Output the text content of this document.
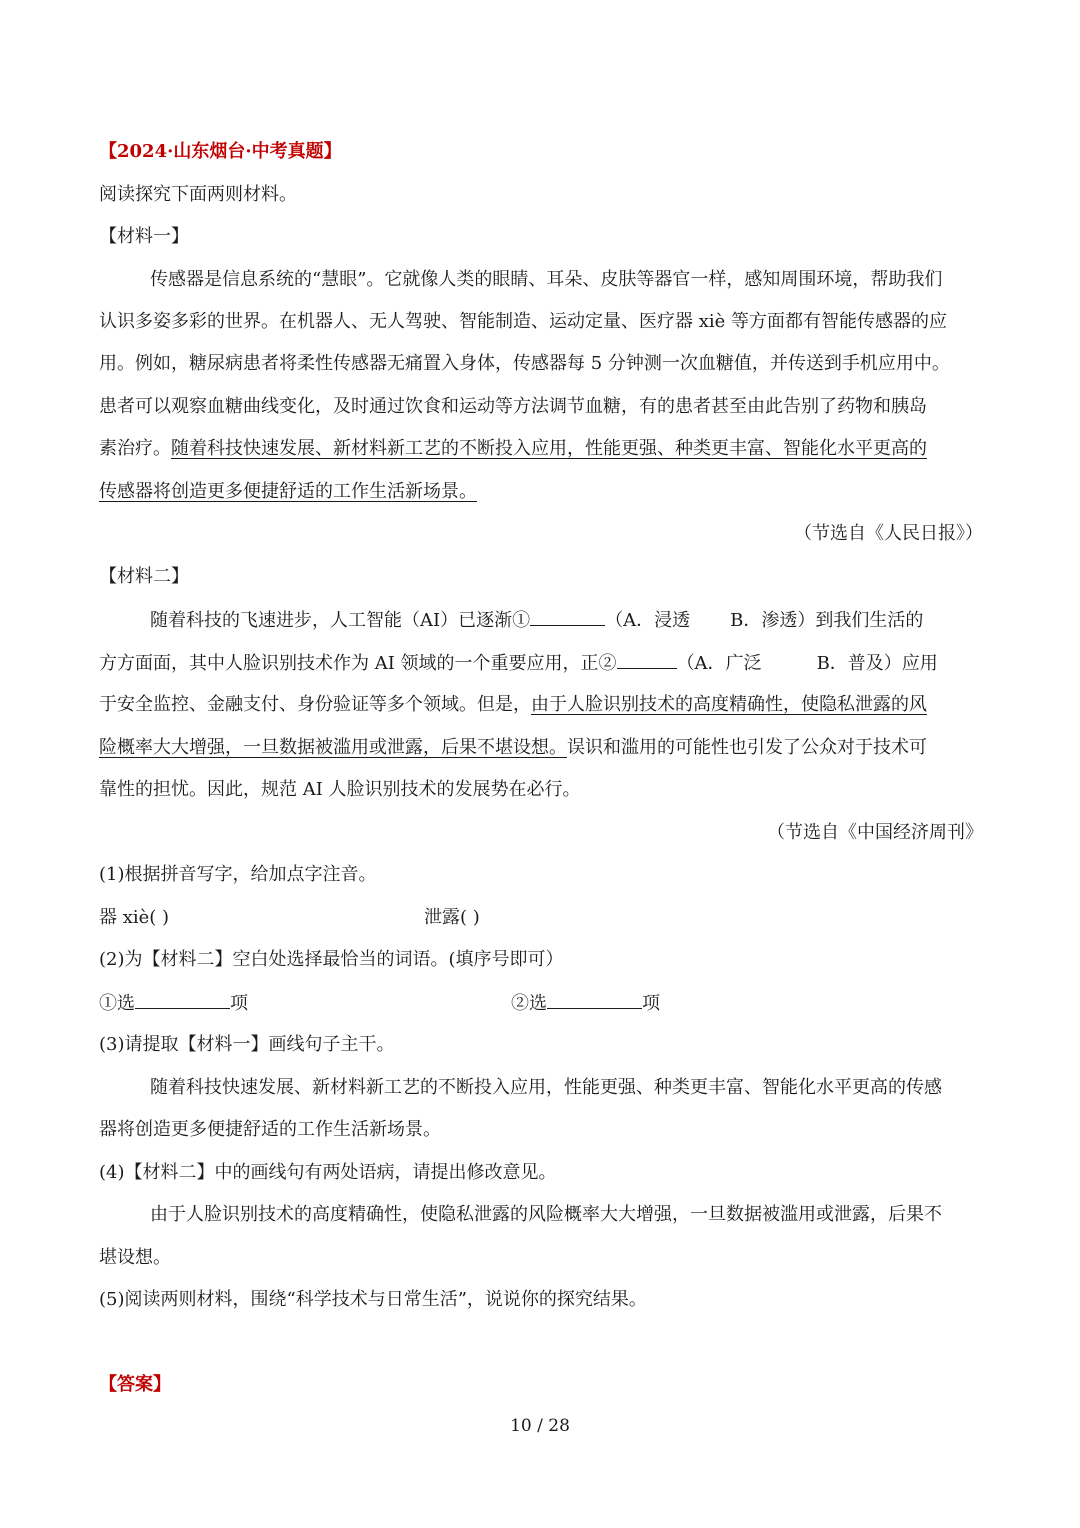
【2024·山东烟台·中考真题】
阅读探究下面两则材料。
【材料一】
传感器是信息系统的“慧眼”。它就像人类的眼睛、耳朵、皮肤等器官一样，感知周围环境，帮助我们
认识多姿多彩的世界。在机器人、无人驾驶、智能制造、运动定量、医疗器 xiè 等方面都有智能传感器的应
用。例如，糖尿病患者将柔性传感器无痛置入身体，传感器每 5 分钟测一次血糖值，并传送到手机应用中。
患者可以观察血糖曲线变化，及时通过饮食和运动等方法调节血糖，有的患者甚至由此告别了药物和胰岛
素治疗。随着科技快速发展、新材料新工艺的不断投入应用，性能更强、种类更丰富、智能化水平更高的
传感器将创造更多便捷舒适的工作生活新场景。
（节选自《人民日报》）
【材料二】
随着科技的飞速进步，人工智能（AI）已逐渐①	（A．浸透 B．渗透）到我们生活的
方方面面，其中人脸识别技术作为 AI 领域的一个重要应用，正②	（A．广泛	B．普及）应用
于安全监控、金融支付、身份验证等多个领域。但是，由于人脸识别技术的高度精确性，使隐私泄露的风
险概率大大增强，一旦数据被滥用或泄露，后果不堪设想。误识和滥用的可能性也引发了公众对于技术可
靠性的担忧。因此，规范 AI 人脸识别技术的发展势在必行。
（节选自《中国经济周刊》
(1)根据拼音写字，给加点字注音。
器 xiè( )	泄露( )
(2)为【材料二】空白处选择最恰当的词语。(填序号即可）
①选	项	②选	项
(3)请提取【材料一】画线句子主干。
随着科技快速发展、新材料新工艺的不断投入应用，性能更强、种类更丰富、智能化水平更高的传感
器将创造更多便捷舒适的工作生活新场景。
(4)【材料二】中的画线句有两处语病，请提出修改意见。
由于人脸识别技术的高度精确性，使隐私泄露的风险概率大大增强，一旦数据被滥用或泄露，后果不
堪设想。
(5)阅读两则材料，围绕“科学技术与日常生活”，说说你的探究结果。
【答案】
10 / 28
